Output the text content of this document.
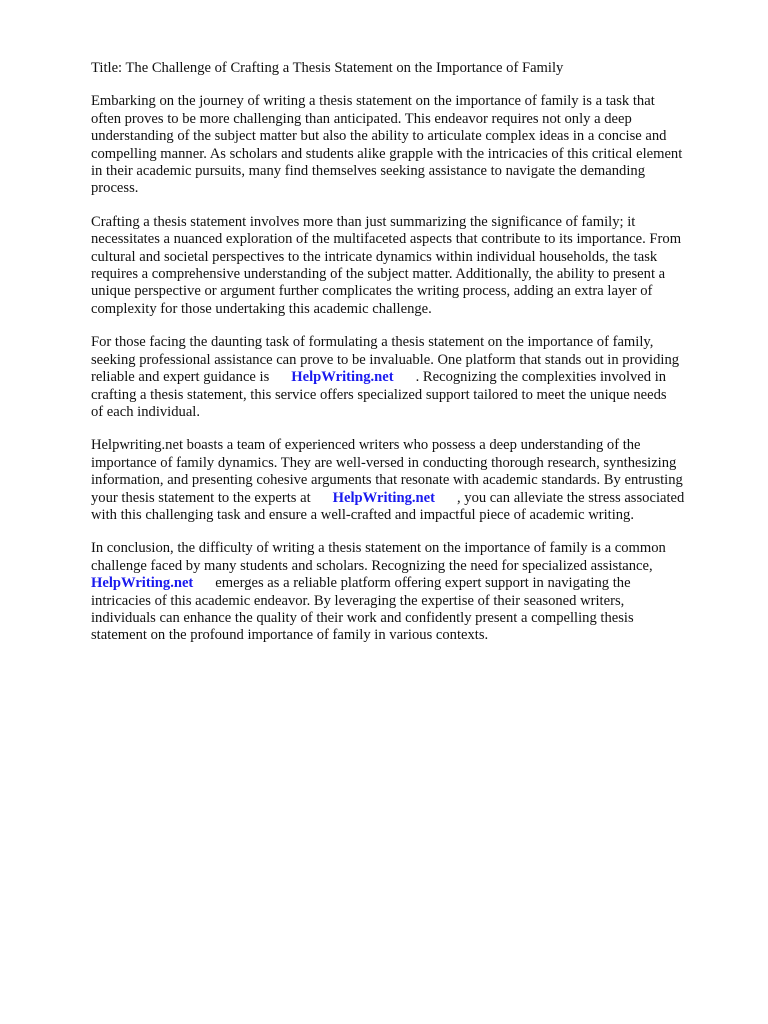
Title: The Challenge of Crafting a Thesis Statement on the Importance of Family

Embarking on the journey of writing a thesis statement on the importance of family is a task that
often proves to be more challenging than anticipated. This endeavor requires not only a deep
understanding of the subject matter but also the ability to articulate complex ideas in a concise and
compelling manner. As scholars and students alike grapple with the intricacies of this critical element
in their academic pursuits, many find themselves seeking assistance to navigate the demanding
process.

Crafting a thesis statement involves more than just summarizing the significance of family; it
necessitates a nuanced exploration of the multifaceted aspects that contribute to its importance. From
cultural and societal perspectives to the intricate dynamics within individual households, the task
requires a comprehensive understanding of the subject matter. Additionally, the ability to present a
unique perspective or argument further complicates the writing process, adding an extra layer of
complexity for those undertaking this academic challenge.

For those facing the daunting task of formulating a thesis statement on the importance of family,
seeking professional assistance can prove to be invaluable. One platform that stands out in providing
reliable and expert guidance is HelpWriting.net . Recognizing the complexities involved in
crafting a thesis statement, this service offers specialized support tailored to meet the unique needs
of each individual.

Helpwriting.net boasts a team of experienced writers who possess a deep understanding of the
importance of family dynamics. They are well-versed in conducting thorough research, synthesizing
information, and presenting cohesive arguments that resonate with academic standards. By entrusting
your thesis statement to the experts at HelpWriting.net , you can alleviate the stress associated
with this challenging task and ensure a well-crafted and impactful piece of academic writing.

In conclusion, the difficulty of writing a thesis statement on the importance of family is a common
challenge faced by many students and scholars. Recognizing the need for specialized assistance,
HelpWriting.net emerges as a reliable platform offering expert support in navigating the
intricacies of this academic endeavor. By leveraging the expertise of their seasoned writers,
individuals can enhance the quality of their work and confidently present a compelling thesis
statement on the profound importance of family in various contexts.
